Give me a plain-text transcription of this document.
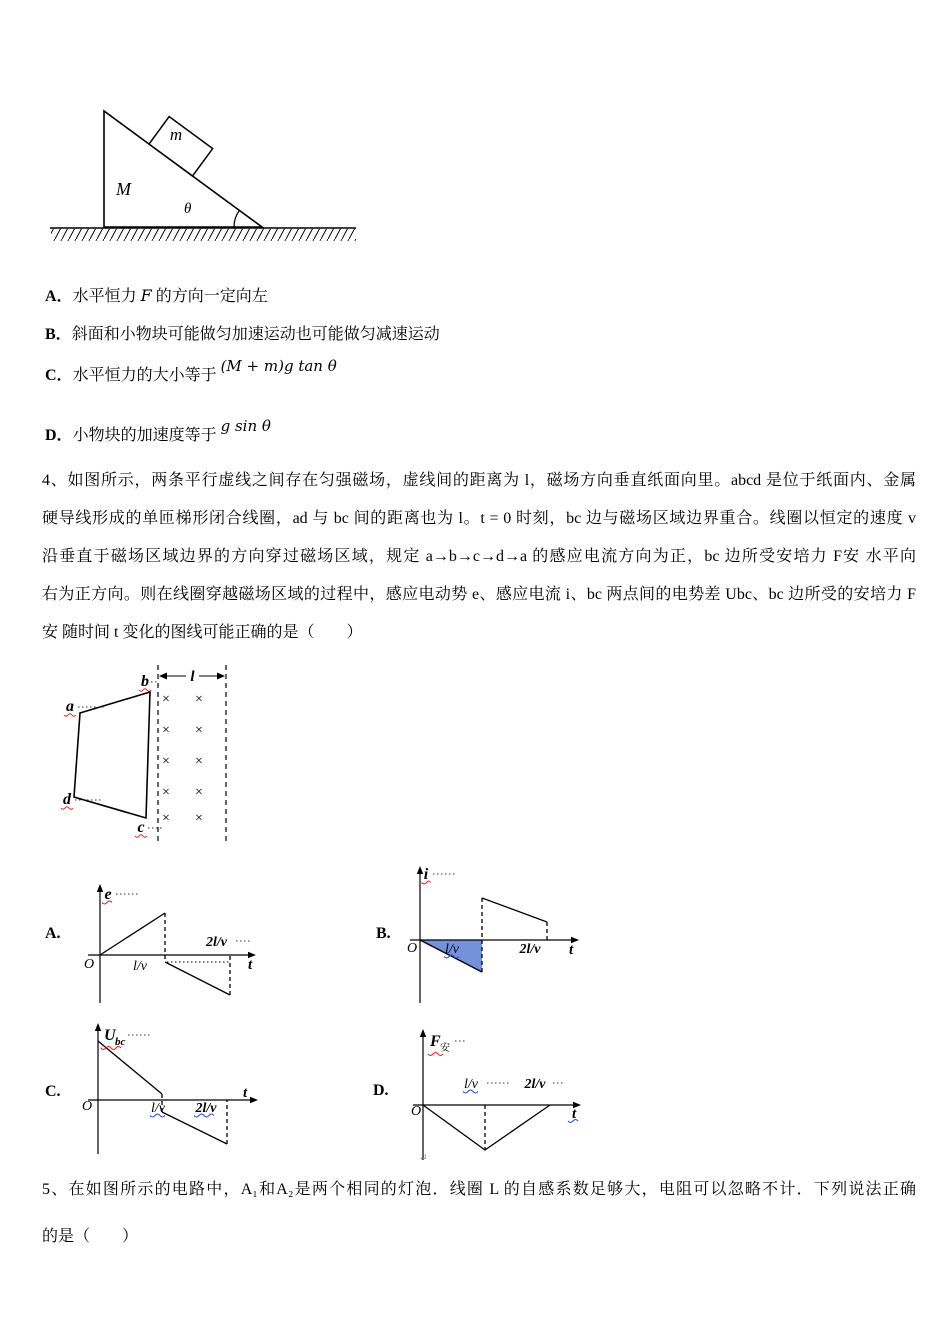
m
M
θ
A．水平恒力 F 的方向一定向左
B．斜面和小物块可能做匀加速运动也可能做匀减速运动
C．水平恒力的大小等于 (M + m)g tan θ
D．小物块的加速度等于 g sin θ
4、如图所示，两条平行虚线之间存在匀强磁场，虚线间的距离为 l，磁场方向垂直纸面向里。abcd 是位于纸面内、金属
硬导线形成的单匝梯形闭合线圈，ad 与 bc 间的距离也为 l。t = 0 时刻，bc 边与磁场区域边界重合。线圈以恒定的速度 v
沿垂直于磁场区域边界的方向穿过磁场区域，规定 a→b→c→d→a 的感应电流方向为正，bc 边所受安培力 F安 水平向
右为正方向。则在线圈穿越磁场区域的过程中，感应电动势 e、感应电流 i、bc 两点间的电势差 Ubc、bc 边所受的安培力 F
安 随时间 t 变化的图线可能正确的是（　　）
l
b
a
d
c
× ×
× ×
× ×
× ×
× ×
A.
O
e
l/v
2l/v
t
B.
O
i
l/v	2l/v t
C.
O
U bc
l/v 2l/v
t	D.
O
F 安
l/v	2l/v
t
↵
5、在如图所示的电路中，A₁和A₂是两个相同的灯泡．线圈 L 的自感系数足够大，电阻可以忽略不计．下列说法正确
的是（　　）
